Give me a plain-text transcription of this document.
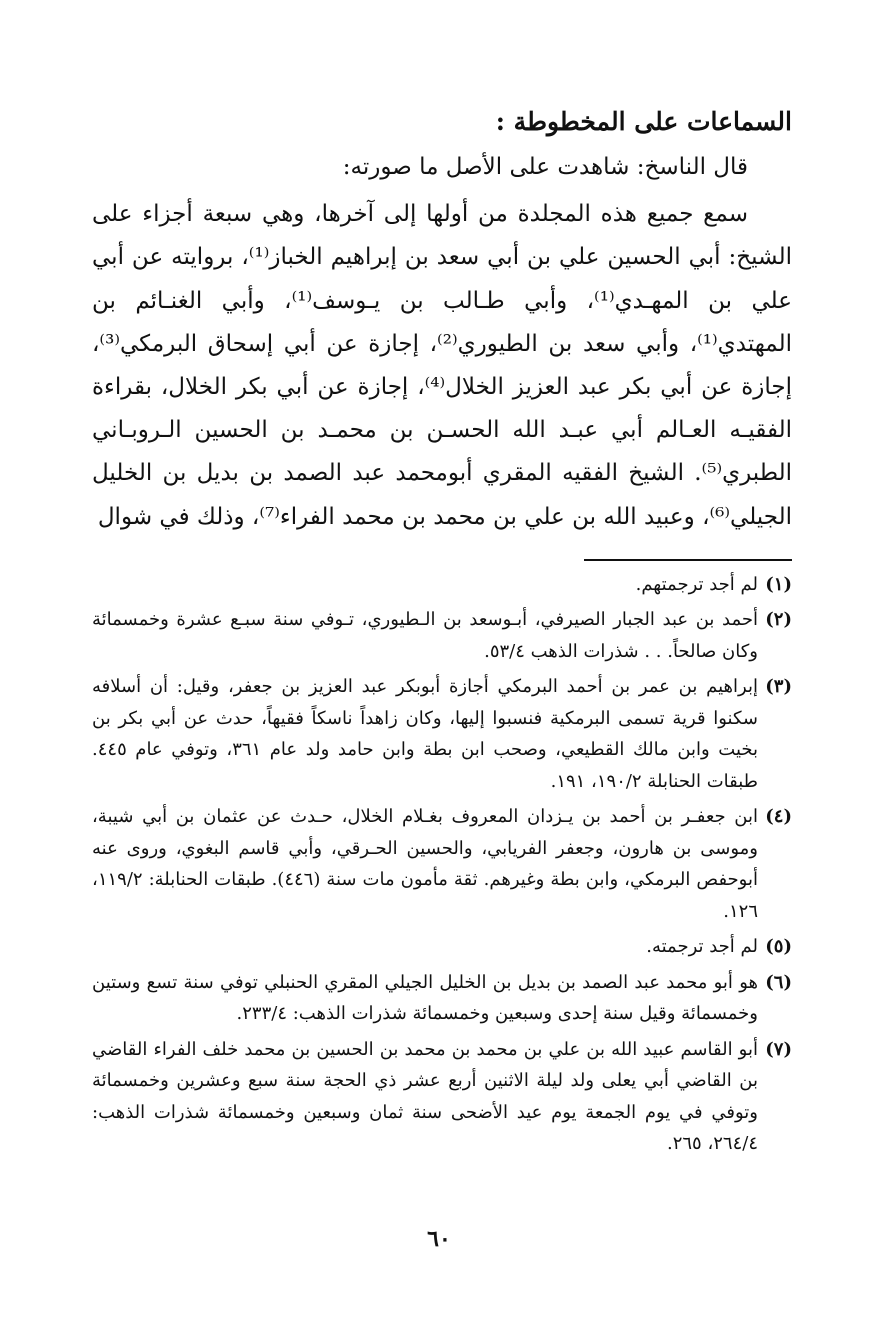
السماعات على المخطوطة :

قال الناسخ: شاهدت على الأصل ما صورته:

سمع جميع هذه المجلدة من أولها إلى آخرها، وهي سبعة أجزاء على الشيخ: أبي الحسين علي بن أبي سعد بن إبراهيم الخباز⁽¹⁾، بروايته عن أبي علي بن المهـدي⁽¹⁾، وأبي طـالب بن يـوسف⁽¹⁾، وأبي الغنـائم بن المهتدي⁽¹⁾، وأبي سعد بن الطيوري⁽²⁾، إجازة عن أبي إسحاق البرمكي⁽³⁾، إجازة عن أبي بكر عبد العزيز الخلال⁽⁴⁾، إجازة عن أبي بكر الخلال، بقراءة الفقيـه العـالم أبي عبـد الله الحسـن بن محمـد بن الحسين الـروبـاني الطبري⁽⁵⁾. الشيخ الفقيه المقري أبومحمد عبد الصمد بن بديل بن الخليل الجيلي⁽⁶⁾، وعبيد الله بن علي بن محمد بن محمد الفراء⁽⁷⁾، وذلك في شوال

(١)
لم أجد ترجمتهم.
(٢)
أحمد بن عبد الجبار الصيرفي، أبـوسعد بن الـطيوري، تـوفي سنة سبـع عشرة وخمسمائة وكان صالحاً. . . شذرات الذهب ٥٣/٤.
(٣)
إبراهيم بن عمر بن أحمد البرمكي أجازة أبوبكر عبد العزيز بن جعفر، وقيل: أن أسلافه سكنوا قرية تسمى البرمكية فنسبوا إليها، وكان زاهداً ناسكاً فقيهاً، حدث عن أبي بكر بن بخيت وابن مالك القطيعي، وصحب ابن بطة وابن حامد ولد عام ٣٦١، وتوفي عام ٤٤٥. طبقات الحنابلة ١٩٠/٢، ١٩١.
(٤)
ابن جعفـر بن أحمد بن يـزدان المعروف بغـلام الخلال، حـدث عن عثمان بن أبي شيبة، وموسى بن هارون، وجعفر الفريابي، والحسين الحـرقي، وأبي قاسم البغوي، وروى عنه أبوحفص البرمكي، وابن بطة وغيرهم. ثقة مأمون مات سنة (٤٤٦). طبقات الحنابلة: ١١٩/٢، ١٢٦.
(٥)
لم أجد ترجمته.
(٦)
هو أبو محمد عبد الصمد بن بديل بن الخليل الجيلي المقري الحنبلي توفي سنة تسع وستين وخمسمائة وقيل سنة إحدى وسبعين وخمسمائة شذرات الذهب: ٢٣٣/٤.
(٧)
أبو القاسم عبيد الله بن علي بن محمد بن محمد بن الحسين بن محمد خلف الفراء القاضي بن القاضي أبي يعلى ولد ليلة الاثنين أربع عشر ذي الحجة سنة سبع وعشرين وخمسمائة وتوفي في يوم الجمعة يوم عيد الأضحى سنة ثمان وسبعين وخمسمائة شذرات الذهب: ٢٦٤/٤، ٢٦٥.
٦٠
